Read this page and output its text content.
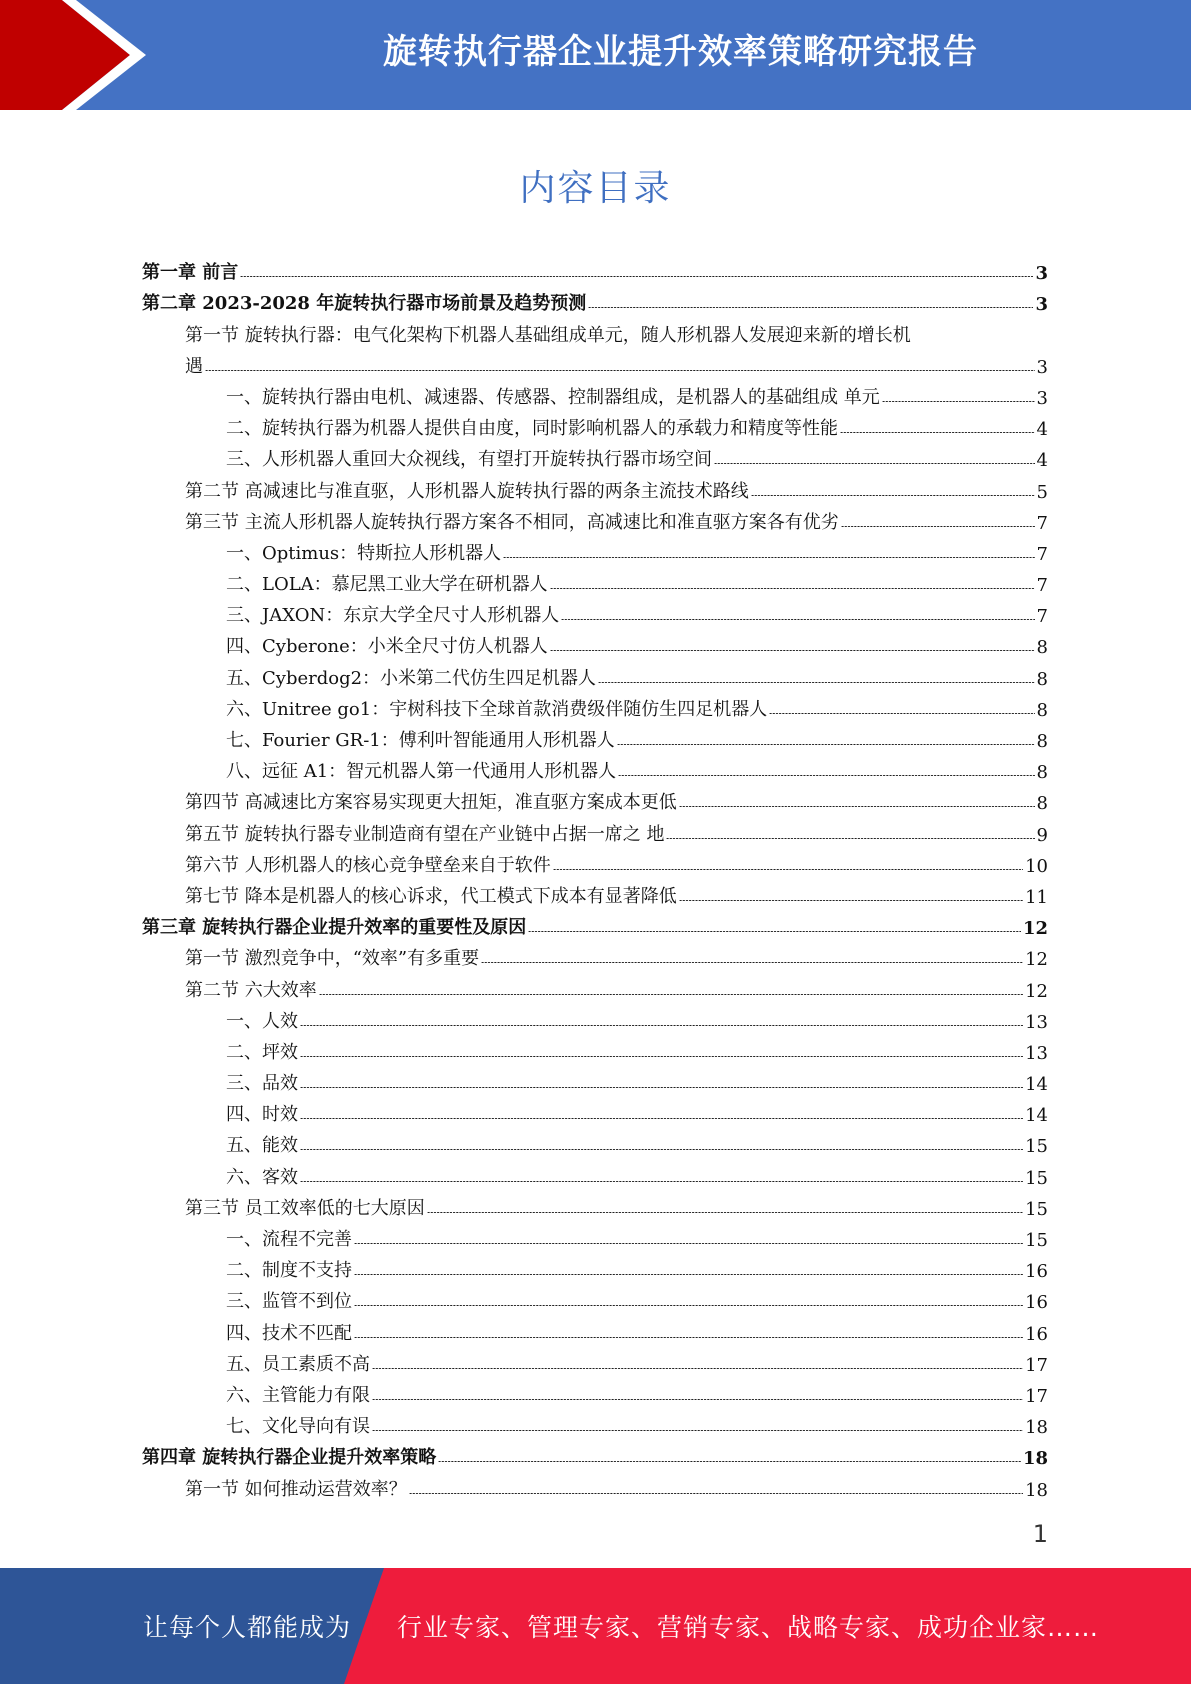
旋转执行器企业提升效率策略研究报告
内容目录
第一章 前言	3
第二章 2023-2028 年旋转执行器市场前景及趋势预测	3
第一节 旋转执行器：电气化架构下机器人基础组成单元，随人形机器人发展迎来新的增长机
遇	3
一、旋转执行器由电机、减速器、传感器、控制器组成，是机器人的基础组成 单元	3
二、旋转执行器为机器人提供自由度，同时影响机器人的承载力和精度等性能	4
三、人形机器人重回大众视线，有望打开旋转执行器市场空间	4
第二节 高减速比与准直驱，人形机器人旋转执行器的两条主流技术路线	5
第三节 主流人形机器人旋转执行器方案各不相同，高减速比和准直驱方案各有优劣	7
一、Optimus：特斯拉人形机器人	7
二、LOLA：慕尼黑工业大学在研机器人	7
三、JAXON：东京大学全尺寸人形机器人	7
四、Cyberone：小米全尺寸仿人机器人	8
五、Cyberdog2：小米第二代仿生四足机器人	8
六、Unitree go1：宇树科技下全球首款消费级伴随仿生四足机器人	8
七、Fourier GR-1：傅利叶智能通用人形机器人	8
八、远征 A1：智元机器人第一代通用人形机器人	8
第四节 高减速比方案容易实现更大扭矩，准直驱方案成本更低	8
第五节 旋转执行器专业制造商有望在产业链中占据一席之 地	9
第六节 人形机器人的核心竞争壁垒来自于软件	10
第七节 降本是机器人的核心诉求，代工模式下成本有显著降低	11
第三章 旋转执行器企业提升效率的重要性及原因	12
第一节 激烈竞争中，“效率”有多重要	12
第二节 六大效率	12
一、人效	13
二、坪效	13
三、品效	14
四、时效	14
五、能效	15
六、客效	15
第三节 员工效率低的七大原因	15
一、流程不完善	15
二、制度不支持	16
三、监管不到位	16
四、技术不匹配	16
五、员工素质不高	17
六、主管能力有限	17
七、文化导向有误	18
第四章 旋转执行器企业提升效率策略	18
第一节 如何推动运营效率？	18
1
让每个人都能成为 行业专家、管理专家、营销专家、战略专家、成功企业家……
